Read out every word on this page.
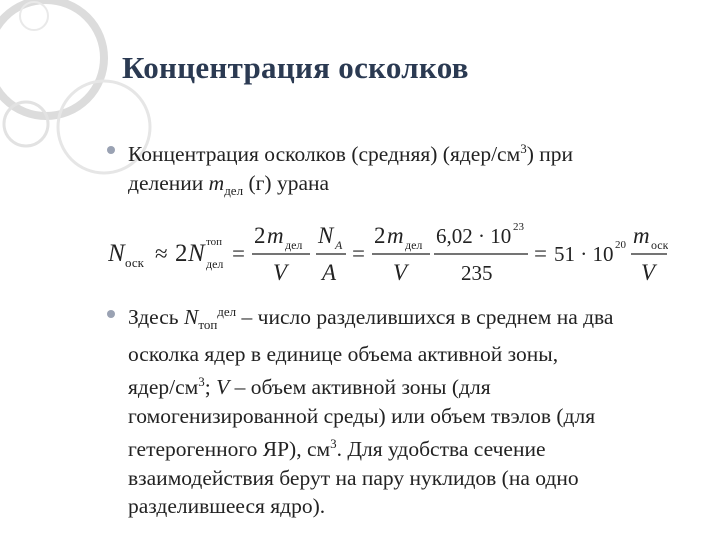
Концентрация осколков
Концентрация осколков (средняя) $(ядер/см^3)$ при
делении $m_{дел}$ (г) урана
N оск ≈ 2 N топ
дел =
2 m дел
V
N A
A
=
2 m дел
V
6,02 · 10 23
235
= 51 · 10 20 m оск
V
Здесь $N_{топ}^{дел}$ – число разделившихся в среднем на два
осколка ядер в единице объема активной зоны,
ядер/$см^3$; V – объем активной зоны (для
гомогенизированной среды) или объем твэлов (для
гетерогенного ЯР), $см^3$. Для удобства сечение
взаимодействия берут на пару нуклидов (на одно
разделившееся ядро).
